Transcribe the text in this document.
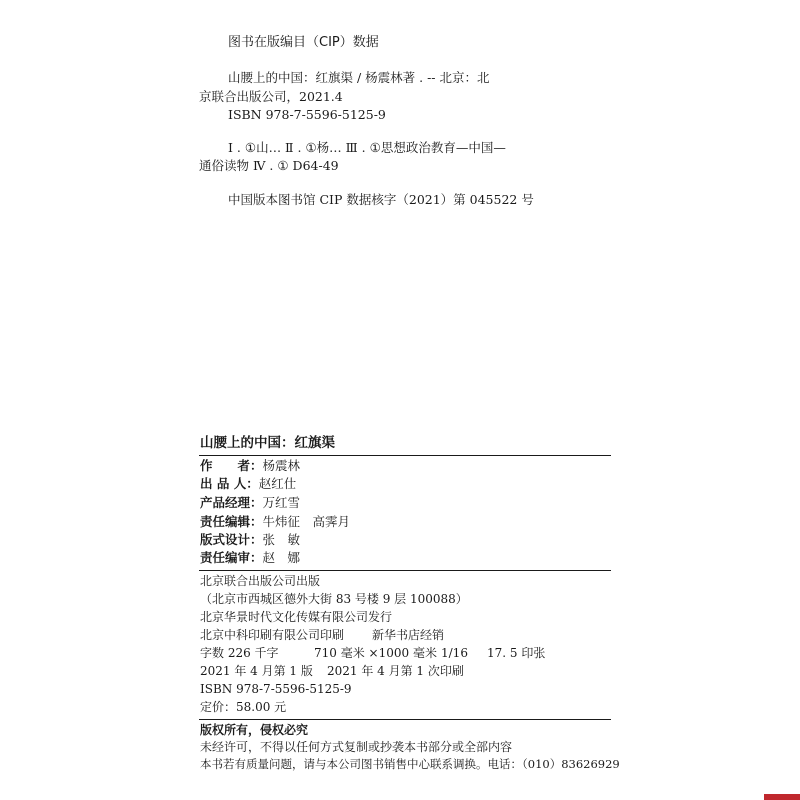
图书在版编目（CIP）数据
山腰上的中国：红旗渠 / 杨震林著 . -- 北京：北
京联合出版公司，2021.4
ISBN 978-7-5596-5125-9
Ⅰ . ①山… Ⅱ . ①杨… Ⅲ . ①思想政治教育—中国—
通俗读物 Ⅳ . ① D64-49
中国版本图书馆 CIP 数据核字（2021）第 045522 号
山腰上的中国：红旗渠
作　　者： 杨震林
出 品 人： 赵红仕
产品经理： 万红雪
责任编辑： 牛炜征　高霁月
版式设计： 张　敏
责任编审： 赵　娜
北京联合出版公司出版
（北京市西城区德外大街 83 号楼 9 层 100088）
北京华景时代文化传媒有限公司发行
北京中科印刷有限公司印刷 新华书店经销
字数 226 千字	710 毫米 ×1000 毫米 1/16 17. 5 印张
2021 年 4 月第 1 版 2021 年 4 月第 1 次印刷
ISBN 978-7-5596-5125-9
定价：58.00 元
版权所有，侵权必究
未经许可，不得以任何方式复制或抄袭本书部分或全部内容
本书若有质量问题，请与本公司图书销售中心联系调换。电话：（010）83626929
